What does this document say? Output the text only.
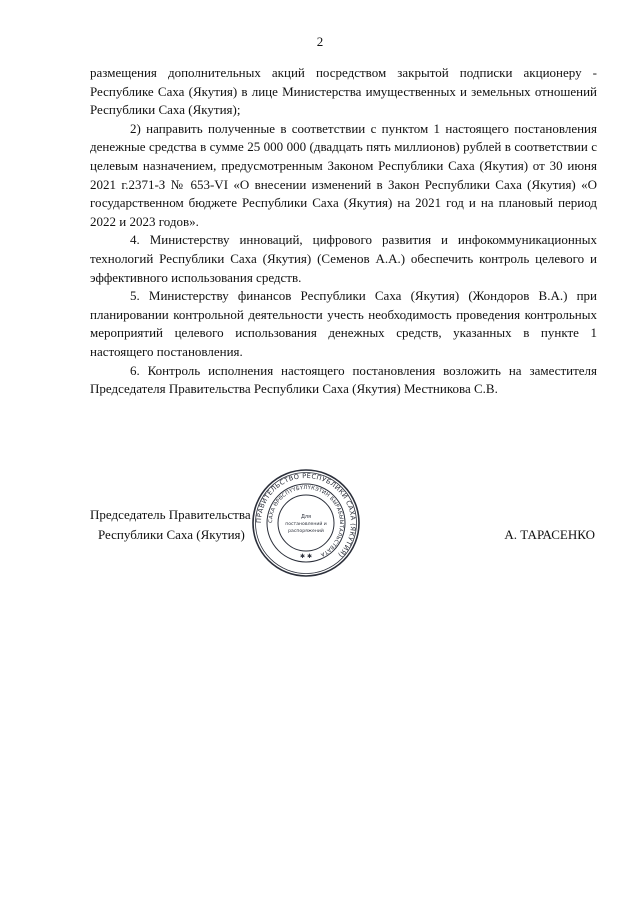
2

размещения дополнительных акций посредством закрытой подписки акционеру - Республике Саха (Якутия) в лице Министерства имущественных и земельных отношений Республики Саха (Якутия);

2) направить полученные в соответствии с пунктом 1 настоящего постановления денежные средства в сумме 25 000 000 (двадцать пять миллионов) рублей в соответствии с целевым назначением, предусмотренным Законом Республики Саха (Якутия) от 30 июня 2021 г.2371-З № 653-VI «О внесении изменений в Закон Республики Саха (Якутия) «О государственном бюджете Республики Саха (Якутия) на 2021 год и на плановый период 2022 и 2023 годов».

4. Министерству инноваций, цифрового развития и инфокоммуникационных технологий Республики Саха (Якутия) (Семенов А.А.) обеспечить контроль целевого и эффективного использования средств.

5. Министерству финансов Республики Саха (Якутия) (Жондоров В.А.) при планировании контрольной деятельности учесть необходимость проведения контрольных мероприятий целевого использования денежных средств, указанных в пункте 1 настоящего постановления.

6. Контроль исполнения настоящего постановления возложить на заместителя Председателя Правительства Республики Саха (Якутия) Местникова С.В.

Председатель Правительства
Республики Саха (Якутия)	А. ТАРАСЕНКО
ПРАВИТЕЛЬСТВО РЕСПУБЛИКИ САХА (ЯКУТИЯ)
САХА ӨРӨСПҮҮБҮЛҮКЭТИН БЫРАБЫЫТАЛЬСТВАТА
Для
постановлений и
распоряжений
✱ ✱
